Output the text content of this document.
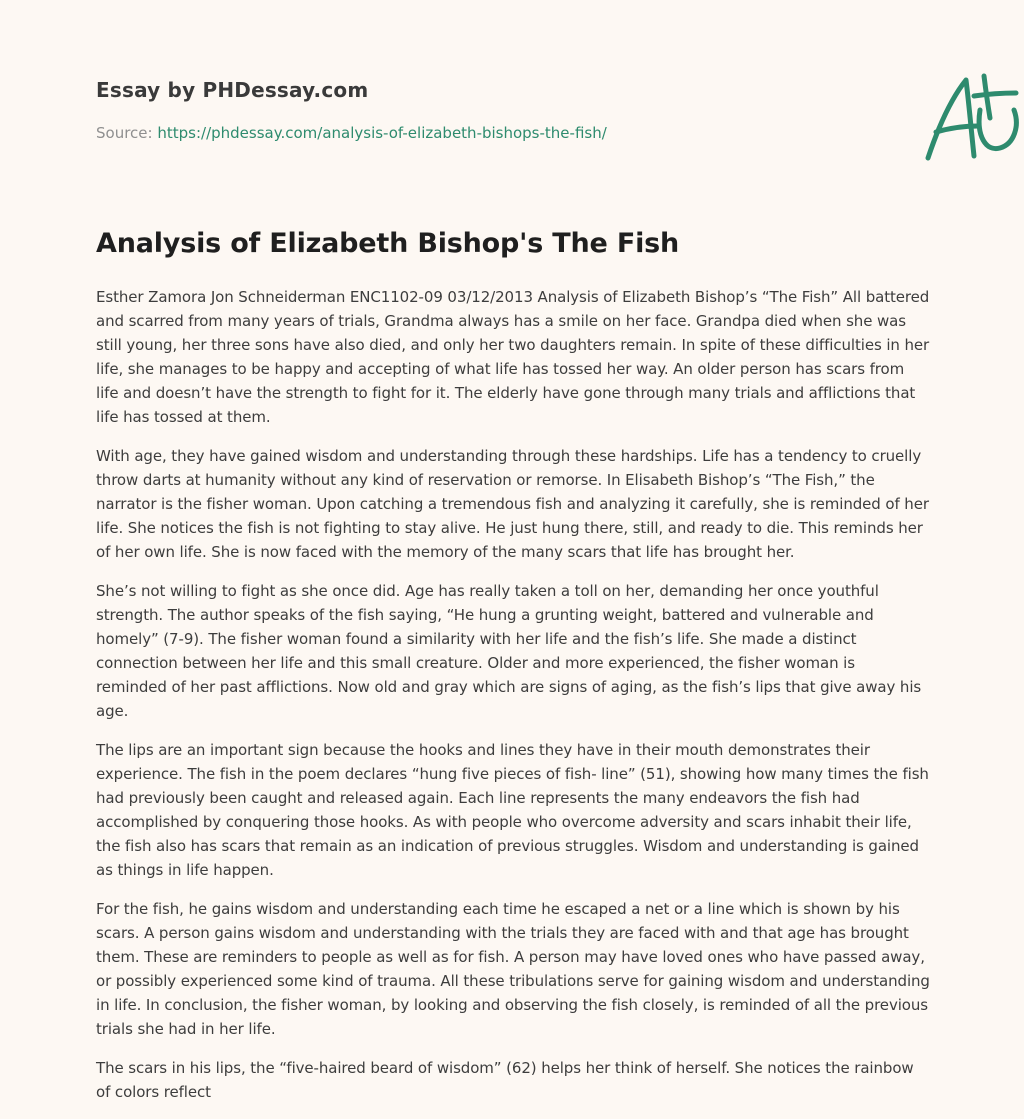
Essay by PHDessay.com
Source: https://phdessay.com/analysis-of-elizabeth-bishops-the-fish/
Analysis of Elizabeth Bishop's The Fish

Esther Zamora Jon Schneiderman ENC1102-09 03/12/2013 Analysis of Elizabeth Bishop’s “The Fish” All battered and scarred from many years of trials, Grandma always has a smile on her face. Grandpa died when she was still young, her three sons have also died, and only her two daughters remain. In spite of these difficulties in her life, she manages to be happy and accepting of what life has tossed her way. An older person has scars from life and doesn’t have the strength to fight for it. The elderly have gone through many trials and afflictions that life has tossed at them.

With age, they have gained wisdom and understanding through these hardships. Life has a tendency to cruelly throw darts at humanity without any kind of reservation or remorse. In Elisabeth Bishop’s “The Fish,” the narrator is the fisher woman. Upon catching a tremendous fish and analyzing it carefully, she is reminded of her life. She notices the fish is not fighting to stay alive. He just hung there, still, and ready to die. This reminds her of her own life. She is now faced with the memory of the many scars that life has brought her.

She’s not willing to fight as she once did. Age has really taken a toll on her, demanding her once youthful strength. The author speaks of the fish saying, “He hung a grunting weight, battered and vulnerable and homely” (7-9). The fisher woman found a similarity with her life and the fish’s life. She made a distinct connection between her life and this small creature. Older and more experienced, the fisher woman is reminded of her past afflictions. Now old and gray which are signs of aging, as the fish’s lips that give away his age.

The lips are an important sign because the hooks and lines they have in their mouth demonstrates their experience. The fish in the poem declares “hung five pieces of fish- line” (51), showing how many times the fish had previously been caught and released again. Each line represents the many endeavors the fish had accomplished by conquering those hooks. As with people who overcome adversity and scars inhabit their life, the fish also has scars that remain as an indication of previous struggles. Wisdom and understanding is gained as things in life happen.

For the fish, he gains wisdom and understanding each time he escaped a net or a line which is shown by his scars. A person gains wisdom and understanding with the trials they are faced with and that age has brought them. These are reminders to people as well as for fish. A person may have loved ones who have passed away, or possibly experienced some kind of trauma. All these tribulations serve for gaining wisdom and understanding in life. In conclusion, the fisher woman, by looking and observing the fish closely, is reminded of all the previous trials she had in her life.

The scars in his lips, the “five-haired beard of wisdom” (62) helps her think of herself. She notices the rainbow of colors reflect
